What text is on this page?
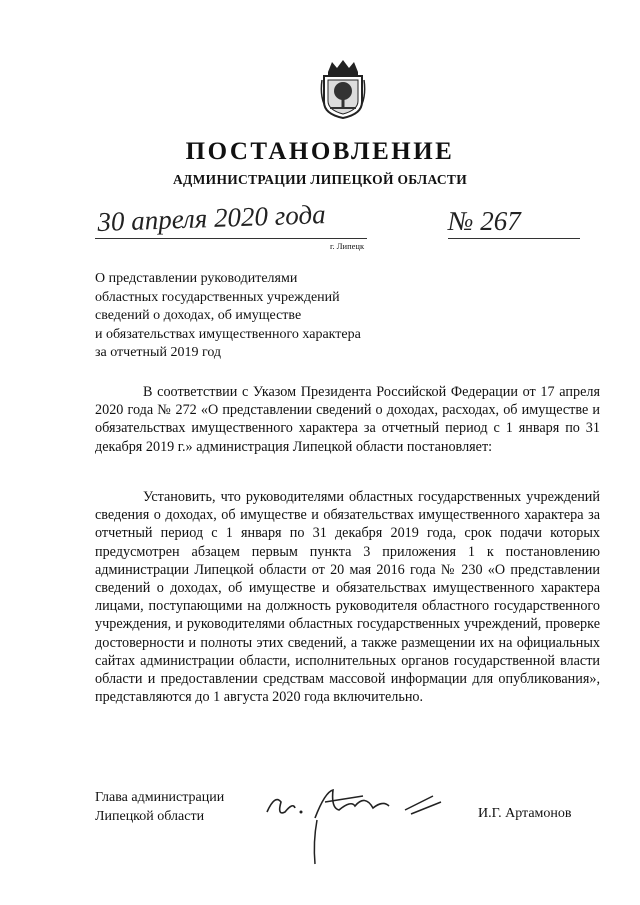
ПОСТАНОВЛЕНИЕ
АДМИНИСТРАЦИИ ЛИПЕЦКОЙ ОБЛАСТИ
30 апреля 2020 года
г. Липецк
№ 267
О представлении руководителями
областных государственных учреждений
сведений о доходах, об имуществе
и обязательствах имущественного характера
за отчетный 2019 год

В соответствии с Указом Президента Российской Федерации от 17 апреля 2020 года № 272 «О представлении сведений о доходах, расходах, об имуществе и обязательствах имущественного характера за отчетный период с 1 января по 31 декабря 2019 г.» администрация Липецкой области постановляет:

Установить, что руководителями областных государственных учреждений сведения о доходах, об имуществе и обязательствах имущественного характера за отчетный период с 1 января по 31 декабря 2019 года, срок подачи которых предусмотрен абзацем первым пункта 3 приложения 1 к постановлению администрации Липецкой области от 20 мая 2016 года № 230 «О представлении сведений о доходах, об имуществе и обязательствах имущественного характера лицами, поступающими на должность руководителя областного государственного учреждения, и руководителями областных государственных учреждений, проверке достоверности и полноты этих сведений, а также размещении их на официальных сайтах администрации области, исполнительных органов государственной власти области и предоставлении средствам массовой информации для опубликования», представляются до 1 августа 2020 года включительно.

Глава администрации
Липецкой области	И.Г. Артамонов
